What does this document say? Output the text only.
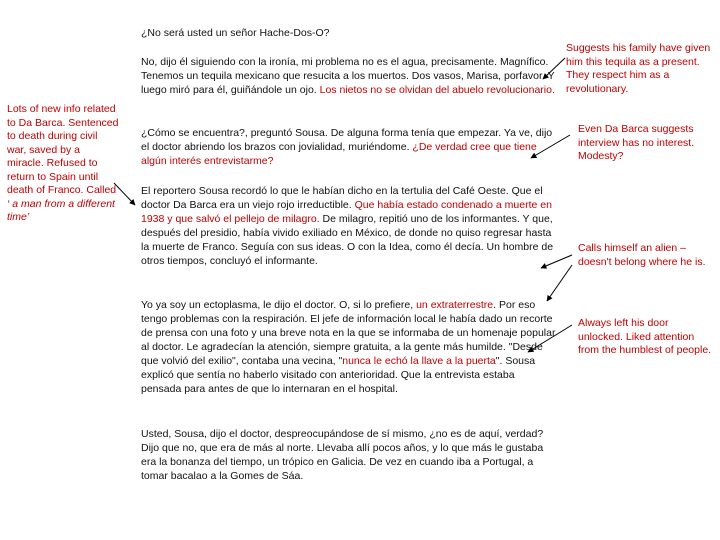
¿No será usted un señor Hache-Dos-O?

No, dijo él siguiendo con la ironía, mi problema no es el agua, precisamente. Magnífico. Tenemos un tequila mexicano que resucita a los muertos. Dos vasos, Marisa, porfavor. Y luego miró para él, guiñándole un ojo. Los nietos no se olvidan del abuelo revolucionario.

¿Cómo se encuentra?, preguntó Sousa. De alguna forma tenía que empezar. Ya ve, dijo el doctor abriendo los brazos con jovialidad, muriéndome. ¿De verdad cree que tiene algún interés entrevistarme?

El reportero Sousa recordó lo que le habían dicho en la tertulia del Café Oeste. Que el doctor Da Barca era un viejo rojo irreductible. Que había estado condenado a muerte en 1938 y que salvó el pellejo de milagro. De milagro, repitió uno de los informantes. Y que, después del presidio, había vivido exiliado en México, de donde no quiso regresar hasta la muerte de Franco. Seguía con sus ideas. O con la Idea, como él decía. Un hombre de otros tiempos, concluyó el informante.

Yo ya soy un ectoplasma, le dijo el doctor. O, si lo prefiere, un extraterrestre. Por eso tengo problemas con la respiración. El jefe de información local le había dado un recorte de prensa con una foto y una breve nota en la que se informaba de un homenaje popular al doctor. Le agradecían la atención, siempre gratuita, a la gente más humilde. "Desde que volvió del exilio", contaba una vecina, "nunca le echó la llave a la puerta". Sousa explicó que sentía no haberlo visitado con anterioridad. Que la entrevista estaba pensada para antes de que lo internaran en el hospital.

Usted, Sousa, dijo el doctor, despreocupándose de sí mismo, ¿no es de aquí, verdad? Dijo que no, que era de más al norte. Llevaba allí pocos años, y lo que más le gustaba era la bonanza del tiempo, un trópico en Galicia. De vez en cuando iba a Portugal, a tomar bacalao a la Gomes de Sáa.

Lots of new info related to Da Barca. Sentenced to death during civil war, saved by a miracle. Refused to return to Spain until death of Franco. Called ‘ a man from a different time’

Suggests his family have given him this tequila as a present. They respect him as a revolutionary.

Even Da Barca suggests interview has no interest. Modesty?

Calls himself an alien – doesn't belong where he is.

Always left his door unlocked. Liked attention from the humblest of people.
